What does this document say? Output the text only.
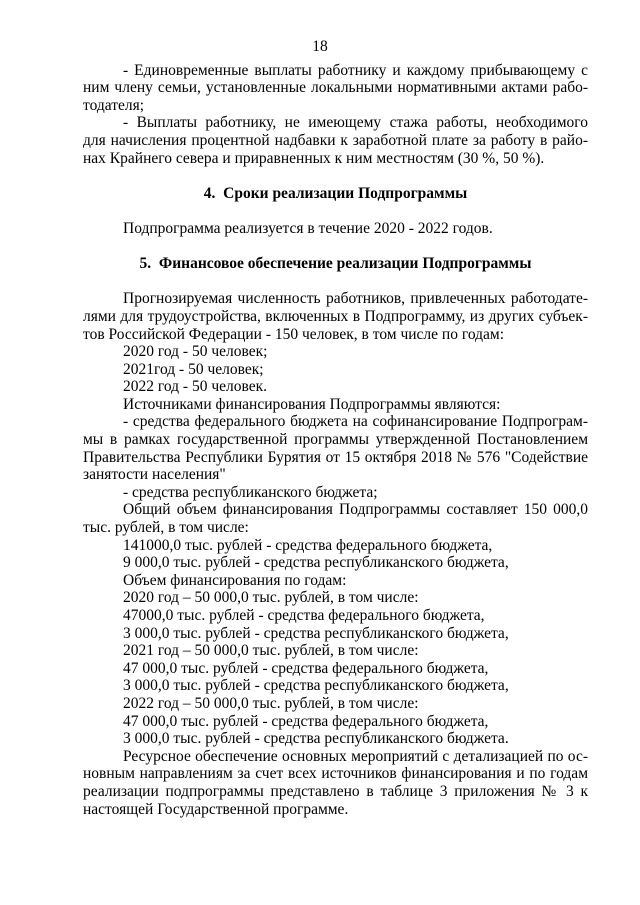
18
- Единовременные выплаты работнику и каждому прибывающему с
ним члену семьи, установленные локальными нормативными актами рабо-
тодателя;
- Выплаты работнику, не имеющему стажа работы, необходимого
для начисления процентной надбавки к заработной плате за работу в райо-
нах Крайнего севера и приравненных к ним местностям (30 %, 50 %).
4.  Сроки реализации Подпрограммы
Подпрограмма реализуется в течение 2020 - 2022 годов.
5.  Финансовое обеспечение реализации Подпрограммы
Прогнозируемая численность работников, привлеченных работодате-
лями для трудоустройства, включенных в Подпрограмму, из других субъек-
тов Российской Федерации - 150 человек, в том числе по годам:
2020 год - 50 человек;
2021год - 50 человек;
2022 год - 50 человек.
Источниками финансирования Подпрограммы являются:
- средства федерального бюджета на софинансирование Подпрограм-
мы в рамках государственной программы утвержденной Постановлением
Правительства Республики Бурятия от 15 октября 2018 № 576 "Содействие
занятости населения"
- средства республиканского бюджета;
Общий объем финансирования Подпрограммы составляет 150 000,0
тыс. рублей, в том числе:
141000,0 тыс. рублей - средства федерального бюджета,
9 000,0 тыс. рублей - средства республиканского бюджета,
Объем финансирования по годам:
2020 год – 50 000,0 тыс. рублей, в том числе:
47000,0 тыс. рублей - средства федерального бюджета,
3 000,0 тыс. рублей - средства республиканского бюджета,
2021 год – 50 000,0 тыс. рублей, в том числе:
47 000,0 тыс. рублей - средства федерального бюджета,
3 000,0 тыс. рублей - средства республиканского бюджета,
2022 год – 50 000,0 тыс. рублей, в том числе:
47 000,0 тыс. рублей - средства федерального бюджета,
3 000,0 тыс. рублей - средства республиканского бюджета.
Ресурсное обеспечение основных мероприятий с детализацией по ос-
новным направлениям за счет всех источников финансирования и по годам
реализации подпрограммы представлено в таблице 3 приложения № 3 к
настоящей Государственной программе.
